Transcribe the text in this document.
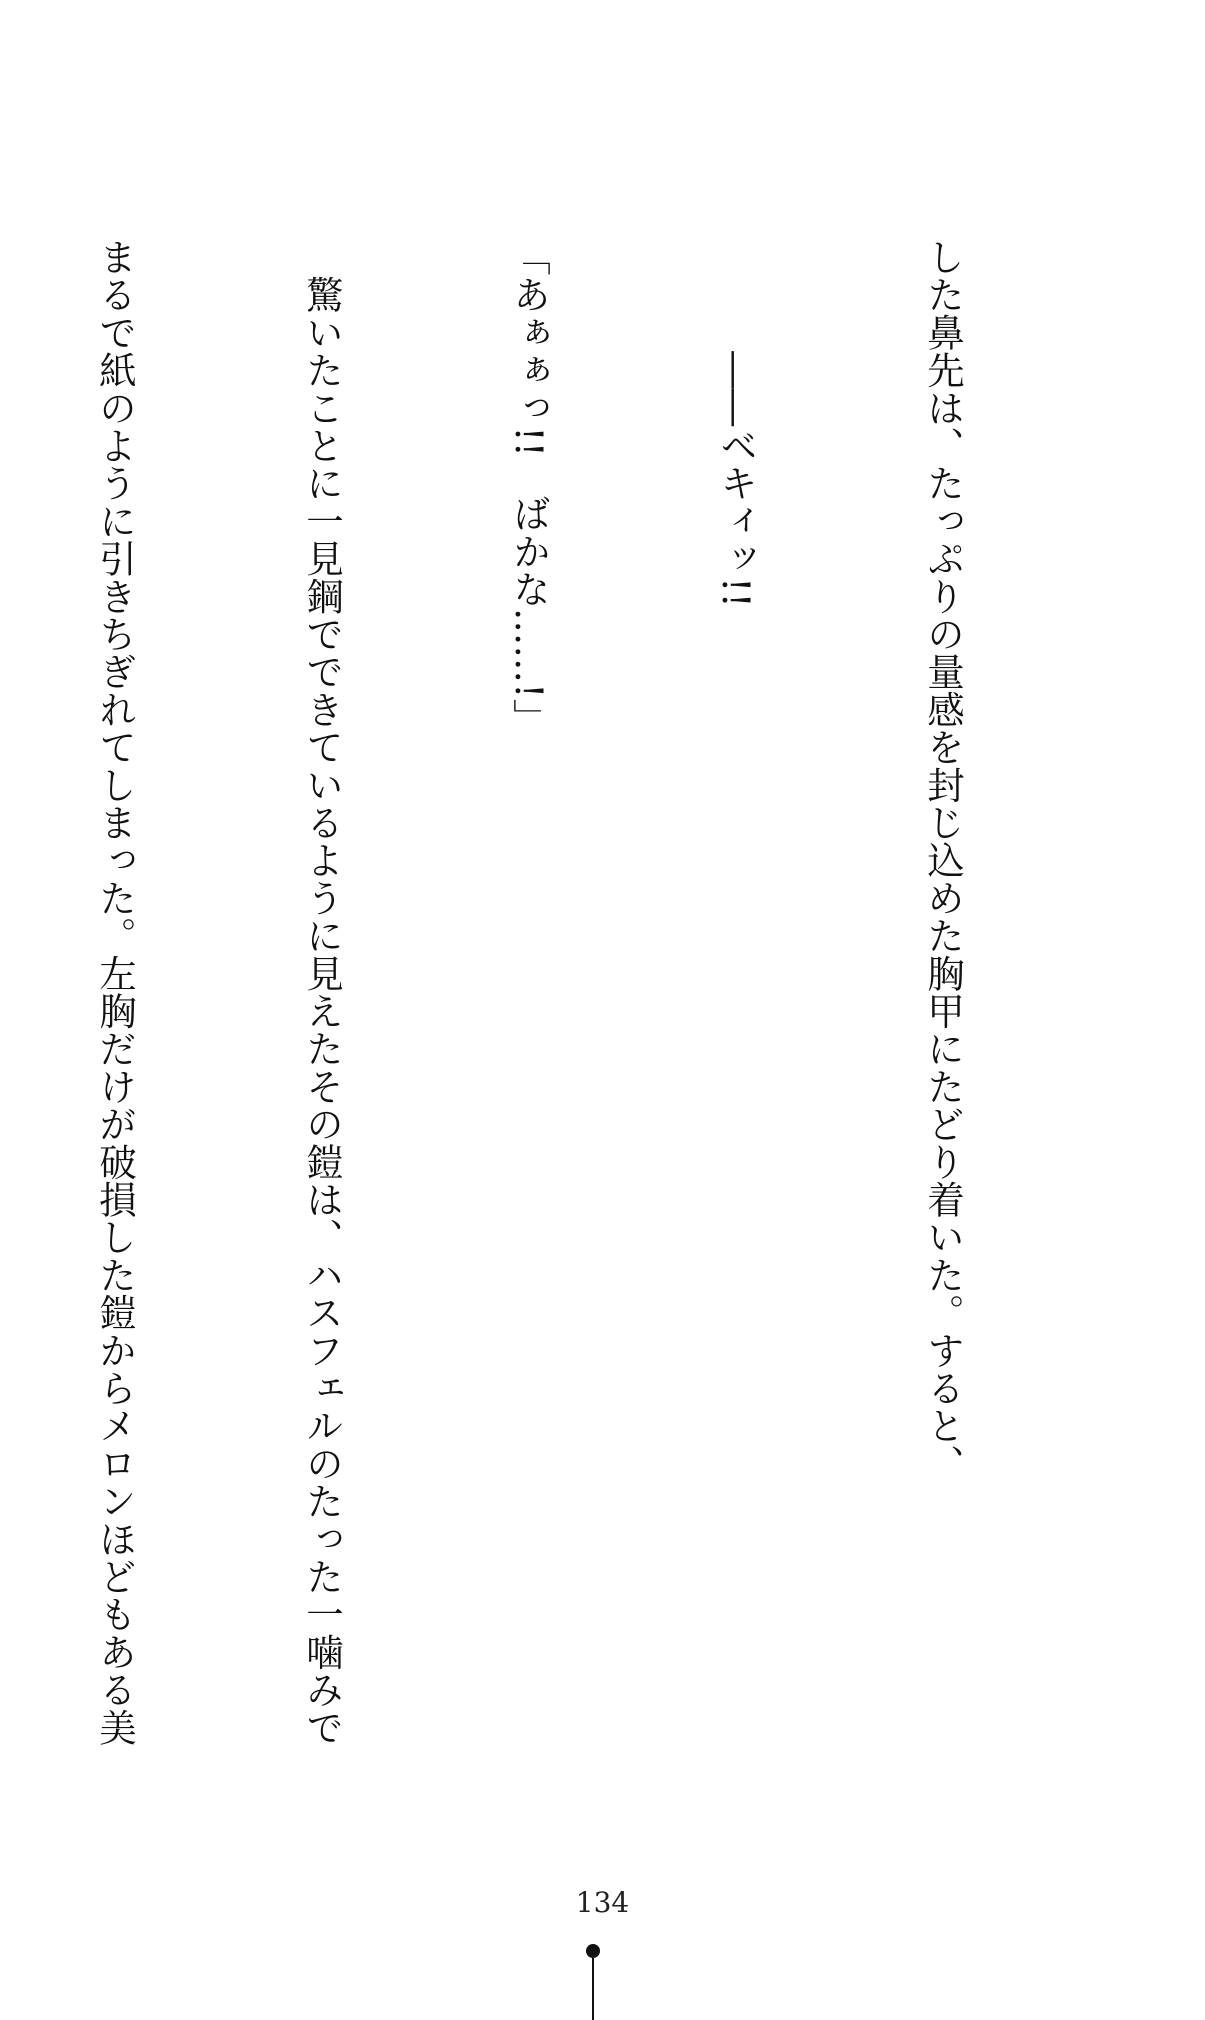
した鼻先は、たっぷりの量感を封じ込めた胸甲にたどり着いた。すると、

　　　――ベキィッ!!

「あぁぁっ!!　ばかな……!」

　驚いたことに一見鋼でできているように見えたその鎧は、ハスフェルのたった一噛みで

まるで紙のように引きちぎれてしまった。左胸だけが破損した鎧からメロンほどもある美

134
